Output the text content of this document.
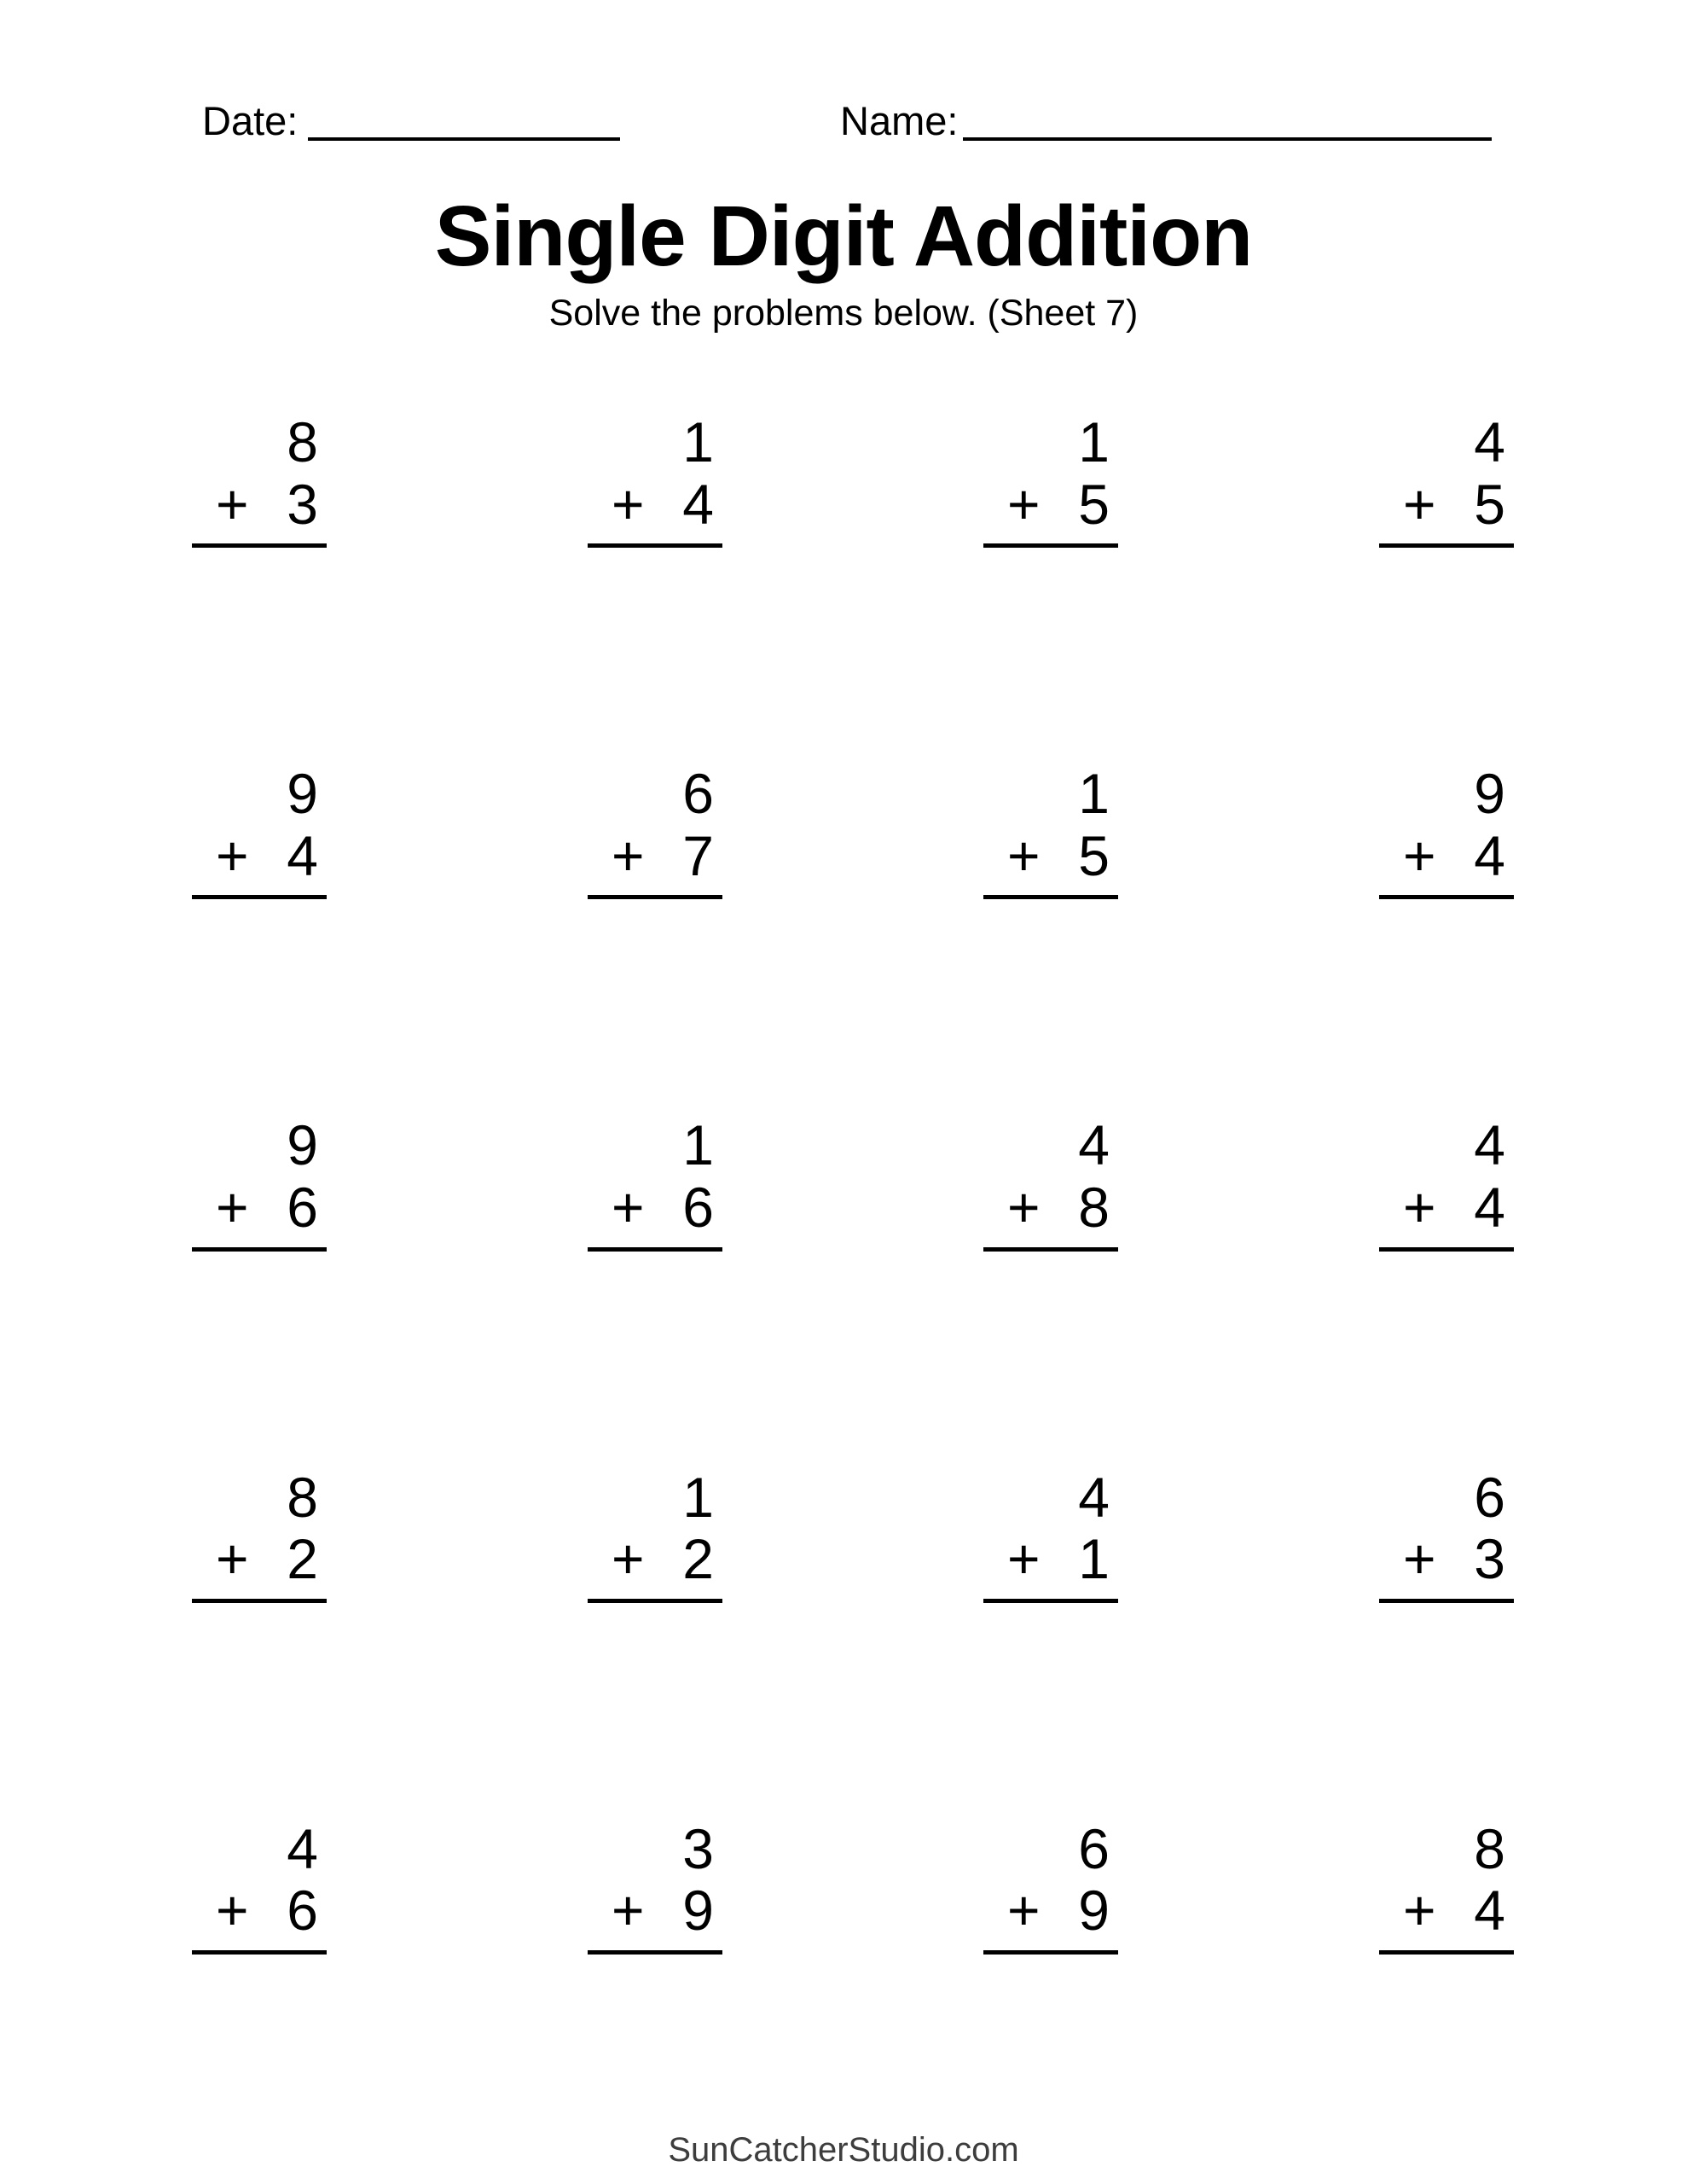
Date:	Name:
Single Digit Addition
Solve the problems below. (Sheet 7)
8
+ 3
1
+ 4
1
+ 5
4
+ 5
9
+ 4
6
+ 7
1
+ 5
9
+ 4
9
+ 6
1
+ 6
4
+ 8
4
+ 4
8
+ 2
1
+ 2
4
+ 1
6
+ 3
4
+ 6
3
+ 9
6
+ 9
8
+ 4
SunCatcherStudio.com
